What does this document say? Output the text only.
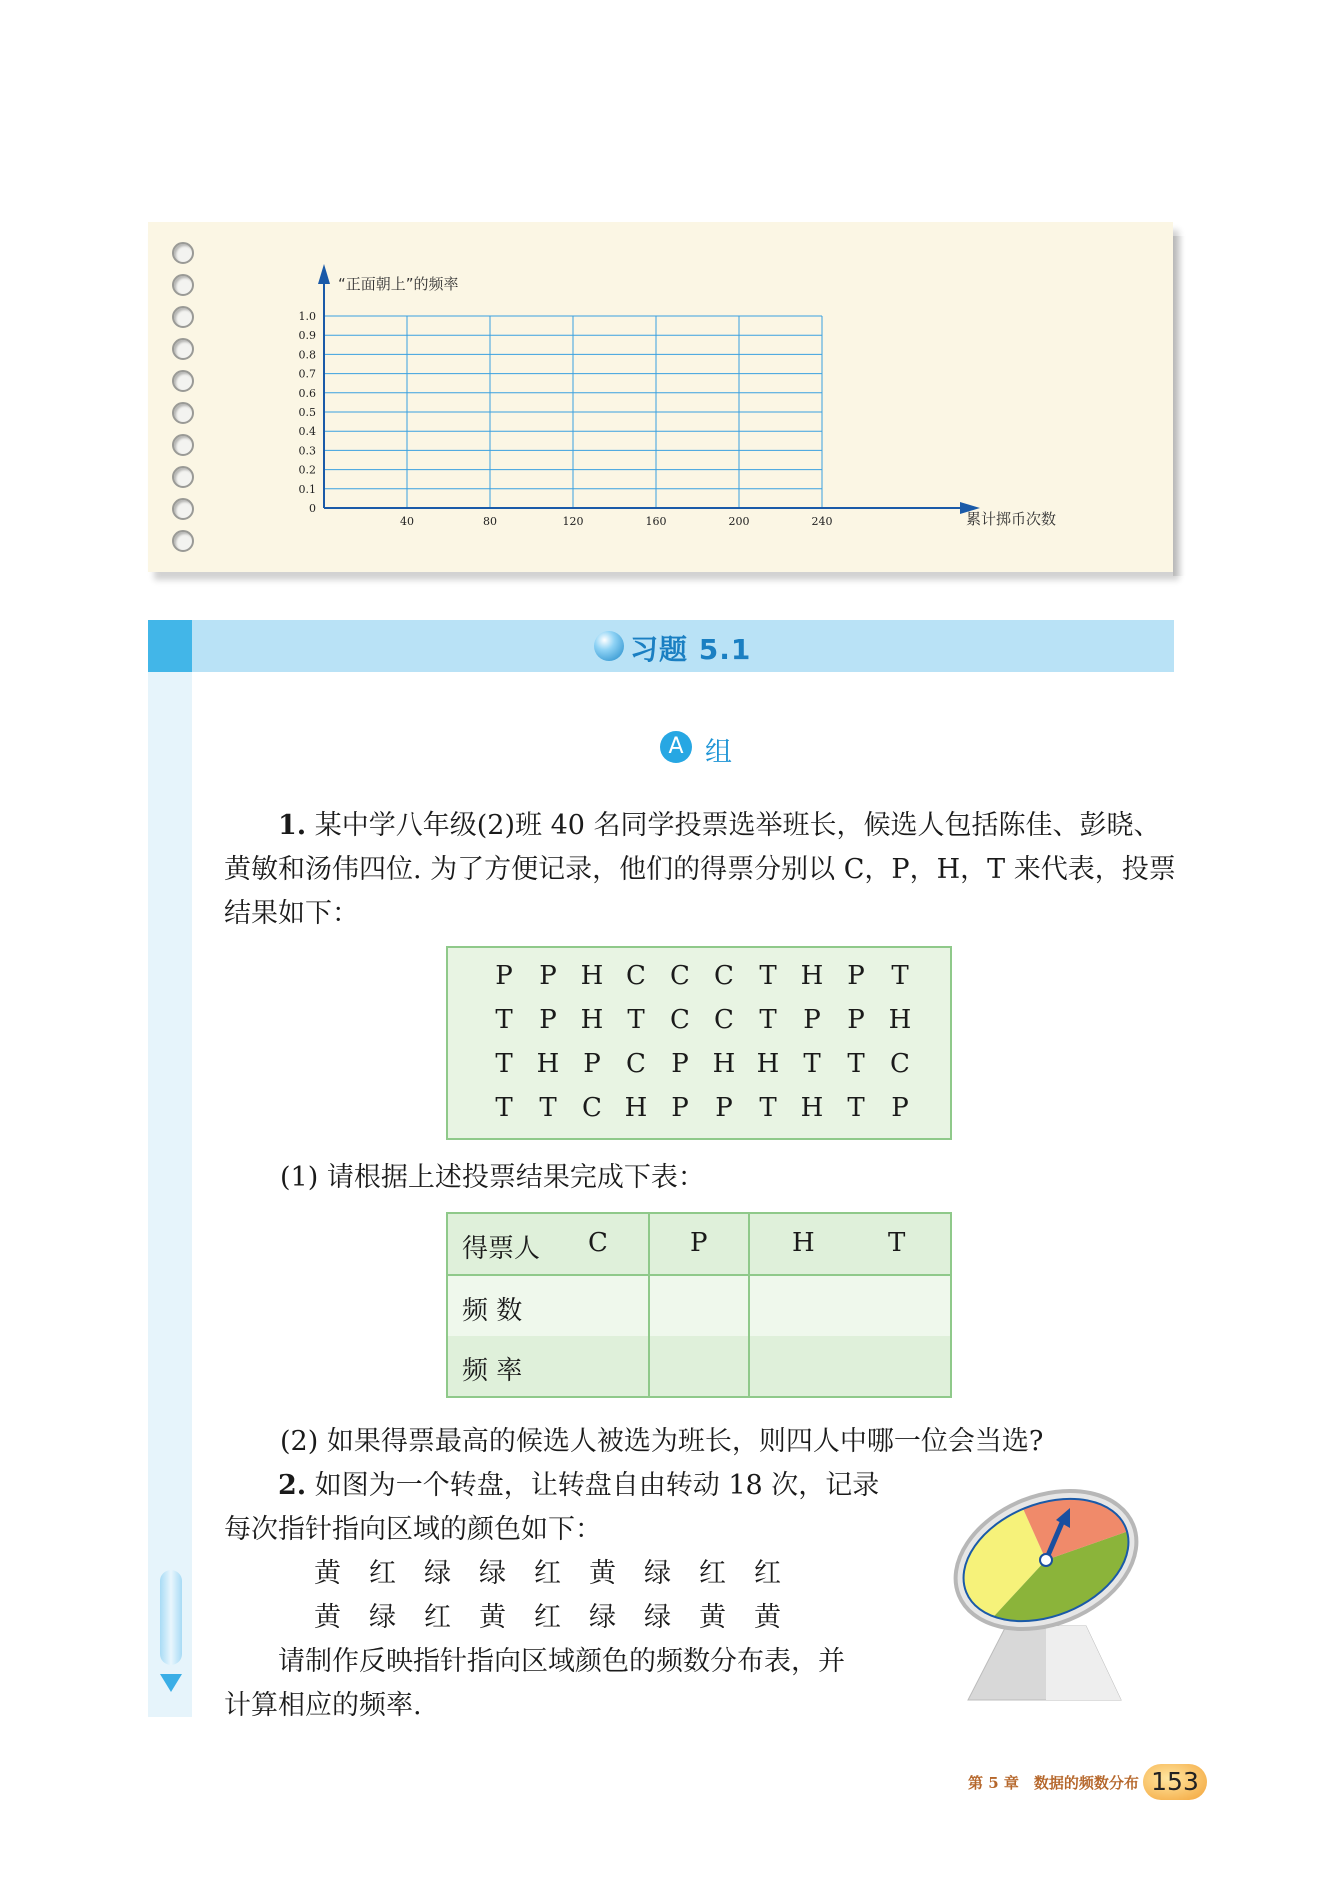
0
0.1
0.2
0.3
0.4
0.5
0.6
0.7
0.8
0.9
1.0
40	80	120	160	200	240
“正面朝上”的频率
累计掷币次数
习题 5.1
A 组
1. 某中学八年级(2)班 40 名同学投票选举班长，候选人包括陈佳、彭晓、
黄敏和汤伟四位. 为了方便记录，他们的得票分别以 C，P，H，T 来代表，投票
结果如下：
P	P H C C C T H P	T
T	P H T C C T	P	P H
T H P C P H H T	T C
T	T C H P	P	T H T	P
(1) 请根据上述投票结果完成下表：
得票人 C	P	H	T
频 数
频 率
(2) 如果得票最高的候选人被选为班长，则四人中哪一位会当选?
2. 如图为一个转盘，让转盘自由转动 18 次，记录
每次指针指向区域的颜色如下：
黄 红 绿 绿 红 黄 绿 红 红
黄 绿 红 黄 红 绿 绿 黄 黄
请制作反映指针指向区域颜色的频数分布表，并
计算相应的频率.
第 5 章　数据的频数分布 153
